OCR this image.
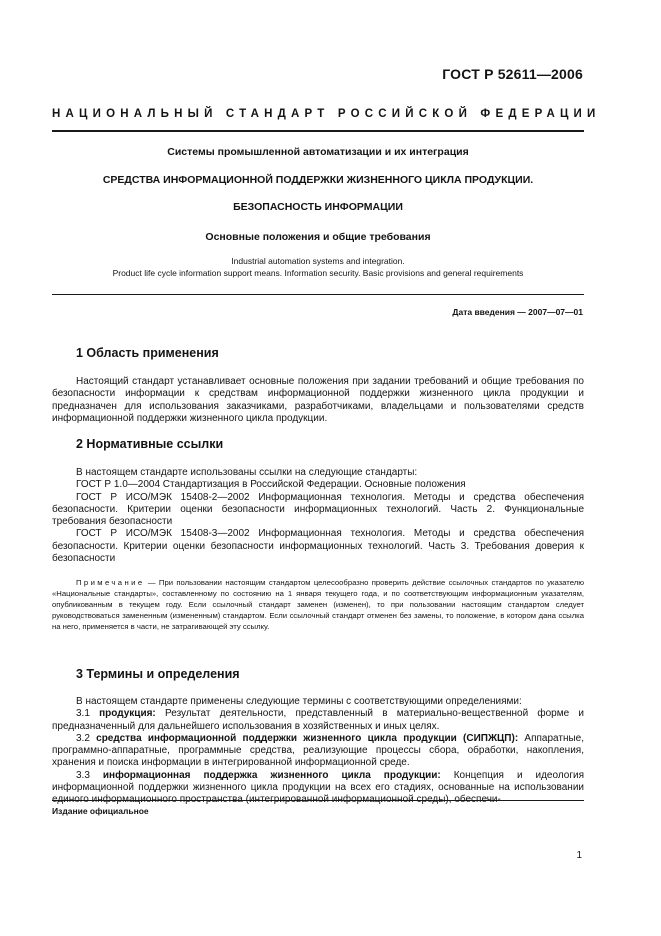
ГОСТ Р 52611—2006
НАЦИОНАЛЬНЫЙ СТАНДАРТ РОССИЙСКОЙ ФЕДЕРАЦИИ
Системы промышленной автоматизации и их интеграция
СРЕДСТВА ИНФОРМАЦИОННОЙ ПОДДЕРЖКИ ЖИЗНЕННОГО ЦИКЛА ПРОДУКЦИИ.
БЕЗОПАСНОСТЬ ИНФОРМАЦИИ
Основные положения и общие требования
Industrial automation systems and integration.
Product life cycle information support means. Information security. Basic provisions and general requirements
Дата введения — 2007—07—01
1 Область применения

Настоящий стандарт устанавливает основные положения при задании требований и общие требования по безопасности информации к средствам информационной поддержки жизненного цикла продукции и предназначен для использования заказчиками, разработчиками, владельцами и пользователями средств информационной поддержки жизненного цикла продукции.

2 Нормативные ссылки

В настоящем стандарте использованы ссылки на следующие стандарты:

ГОСТ Р 1.0—2004 Стандартизация в Российской Федерации. Основные положения

ГОСТ Р ИСО/МЭК 15408-2—2002 Информационная технология. Методы и средства обеспечения безопасности. Критерии оценки безопасности информационных технологий. Часть 2. Функциональные требования безопасности

ГОСТ Р ИСО/МЭК 15408-3—2002 Информационная технология. Методы и средства обеспечения безопасности. Критерии оценки безопасности информационных технологий. Часть 3. Требования доверия к безопасности

Примечание — При пользовании настоящим стандартом целесообразно проверить действие ссылочных стандартов по указателю «Национальные стандарты», составленному по состоянию на 1 января текущего года, и по соответствующим информационным указателям, опубликованным в текущем году. Если ссылочный стандарт заменен (изменен), то при пользовании настоящим стандартом следует руководствоваться замененным (измененным) стандартом. Если ссылочный стандарт отменен без замены, то положение, в котором дана ссылка на него, применяется в части, не затрагивающей эту ссылку.

3 Термины и определения

В настоящем стандарте применены следующие термины с соответствующими определениями:

3.1 продукция: Результат деятельности, представленный в материально-вещественной форме и предназначенный для дальнейшего использования в хозяйственных и иных целях.

3.2 средства информационной поддержки жизненного цикла продукции (СИПЖЦП): Аппаратные, программно-аппаратные, программные средства, реализующие процессы сбора, обработки, накопления, хранения и поиска информации в интегрированной информационной среде.

3.3 информационная поддержка жизненного цикла продукции: Концепция и идеология информационной поддержки жизненного цикла продукции на всех его стадиях, основанные на использовании единого информационного пространства (интегрированной информационной среды), обеспечи-

Издание официальное
1
